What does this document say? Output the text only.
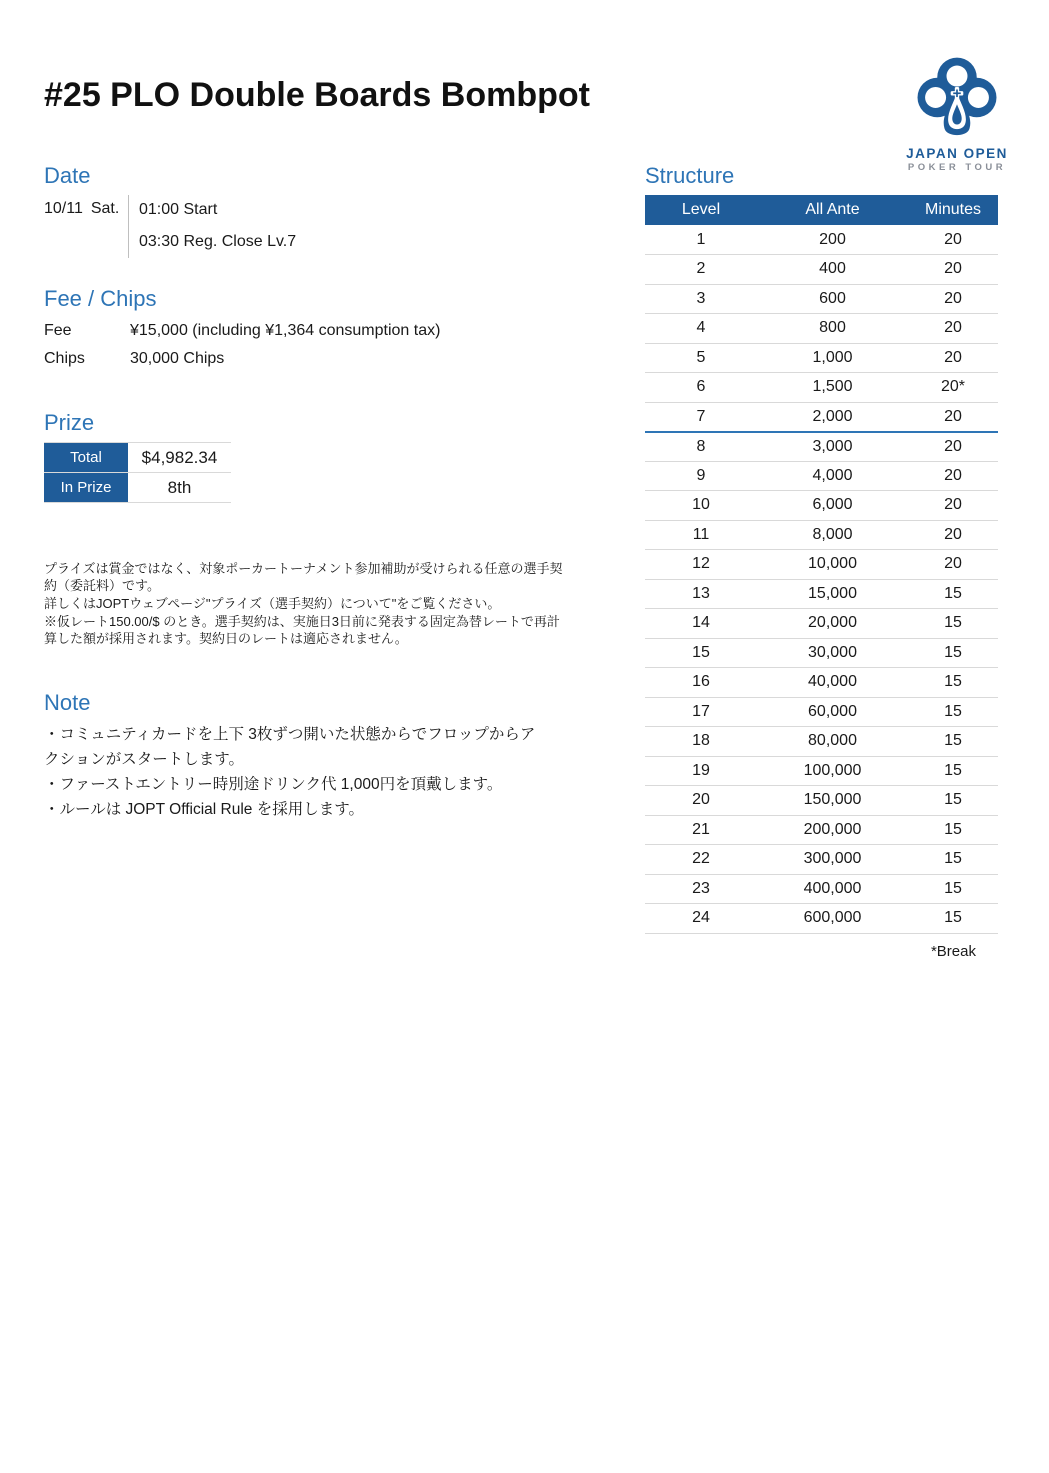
#25 PLO Double Boards Bombpot
JAPAN OPEN
POKER TOUR
Date
10/11 Sat.	01:00 Start
03:30 Reg. Close Lv.7
Fee / Chips
Fee	¥15,000 (including ¥1,364 consumption tax)
Chips	30,000 Chips
Prize
Total	$4,982.34
In Prize	8th

プライズは賞金ではなく、対象ポーカートーナメント参加補助が受けられる任意の選手契約（委託料）です。

詳しくはJOPTウェブページ"プライズ（選手契約）について"をご覧ください。

※仮レート150.00/$ のとき。選手契約は、実施日3日前に発表する固定為替レートで再計算した額が採用されます。契約日のレートは適応されません。

Note
・コミュニティカードを上下 3枚ずつ開いた状態からでフロップからアクションがスタートします。
・ファーストエントリー時別途ドリンク代 1,000円を頂戴します。
・ルールは JOPT Official Rule を採用します。
Structure
Level	All Ante	Minutes
1	200	20
2	400	20
3	600	20
4	800	20
5	1,000	20
6	1,500	20*
7	2,000	20
8	3,000	20
9	4,000	20
10	6,000	20
11	8,000	20
12	10,000	20
13	15,000	15
14	20,000	15
15	30,000	15
16	40,000	15
17	60,000	15
18	80,000	15
19	100,000	15
20	150,000	15
21	200,000	15
22	300,000	15
23	400,000	15
24	600,000	15
*Break
